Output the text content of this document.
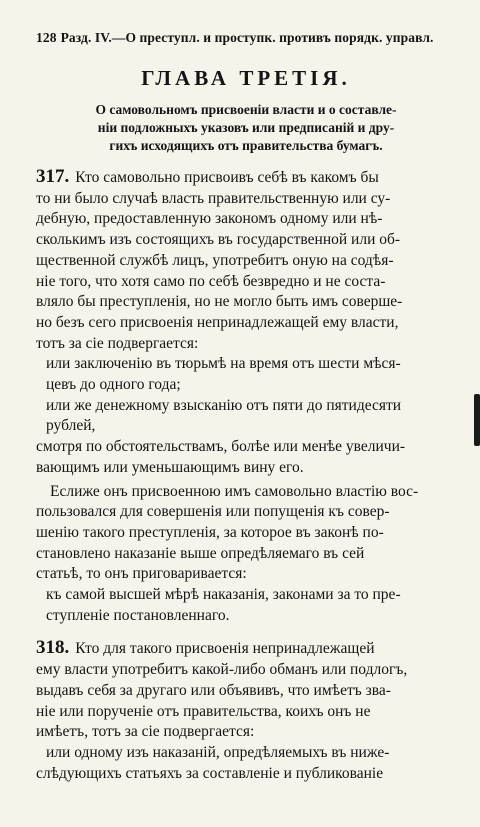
128 Разд. IV.—О преступл. и проступк. противъ порядк. управл.
ГЛАВА ТРЕТІЯ.
О самовольномъ присвоеніи власти и о составле-
ніи подложныхъ указовъ или предписаній и дру-
гихъ исходящихъ отъ правительства бумагъ.
317. Кто самовольно присвоивъ себѣ въ какомъ бы
то ни было случаѣ власть правительственную или су-
дебную, предоставленную закономъ одному или нѣ-
сколькимъ изъ состоящихъ въ государственной или об-
щественной службѣ лицъ, употребитъ оную на содѣя-
ніе того, что хотя само по себѣ безвредно и не соста-
вляло бы преступленія, но не могло быть имъ соверше-
но безъ сего присвоенія непринадлежащей ему власти,
тотъ за сіе подвергается:
или заключенію въ тюрьмѣ на время отъ шести мѣся-
цевъ до одного года;
или же денежному взысканію отъ пяти до пятидесяти
рублей,
смотря по обстоятельствамъ, болѣе или менѣе увеличи-
вающимъ или уменьшающимъ вину его.
Еслиже онъ присвоенною имъ самовольно властію вос-
пользовался для совершенія или попущенія къ совер-
шенію такого преступленія, за которое въ законѣ по-
становлено наказаніе выше опредѣляемаго въ сей
статьѣ, то онъ приговаривается:
къ самой высшей мѣрѣ наказанія, законами за то пре-
ступленіе постановленнаго.
318. Кто для такого присвоенія непринадлежащей
ему власти употребитъ какой-либо обманъ или подлогъ,
выдавъ себя за другаго или объявивъ, что имѣетъ зва-
ніе или порученіе отъ правительства, коихъ онъ не
имѣетъ, тотъ за сіе подвергается:
или одному изъ наказаній, опредѣляемыхъ въ ниже-
слѣдующихъ статьяхъ за составленіе и публикованіе
